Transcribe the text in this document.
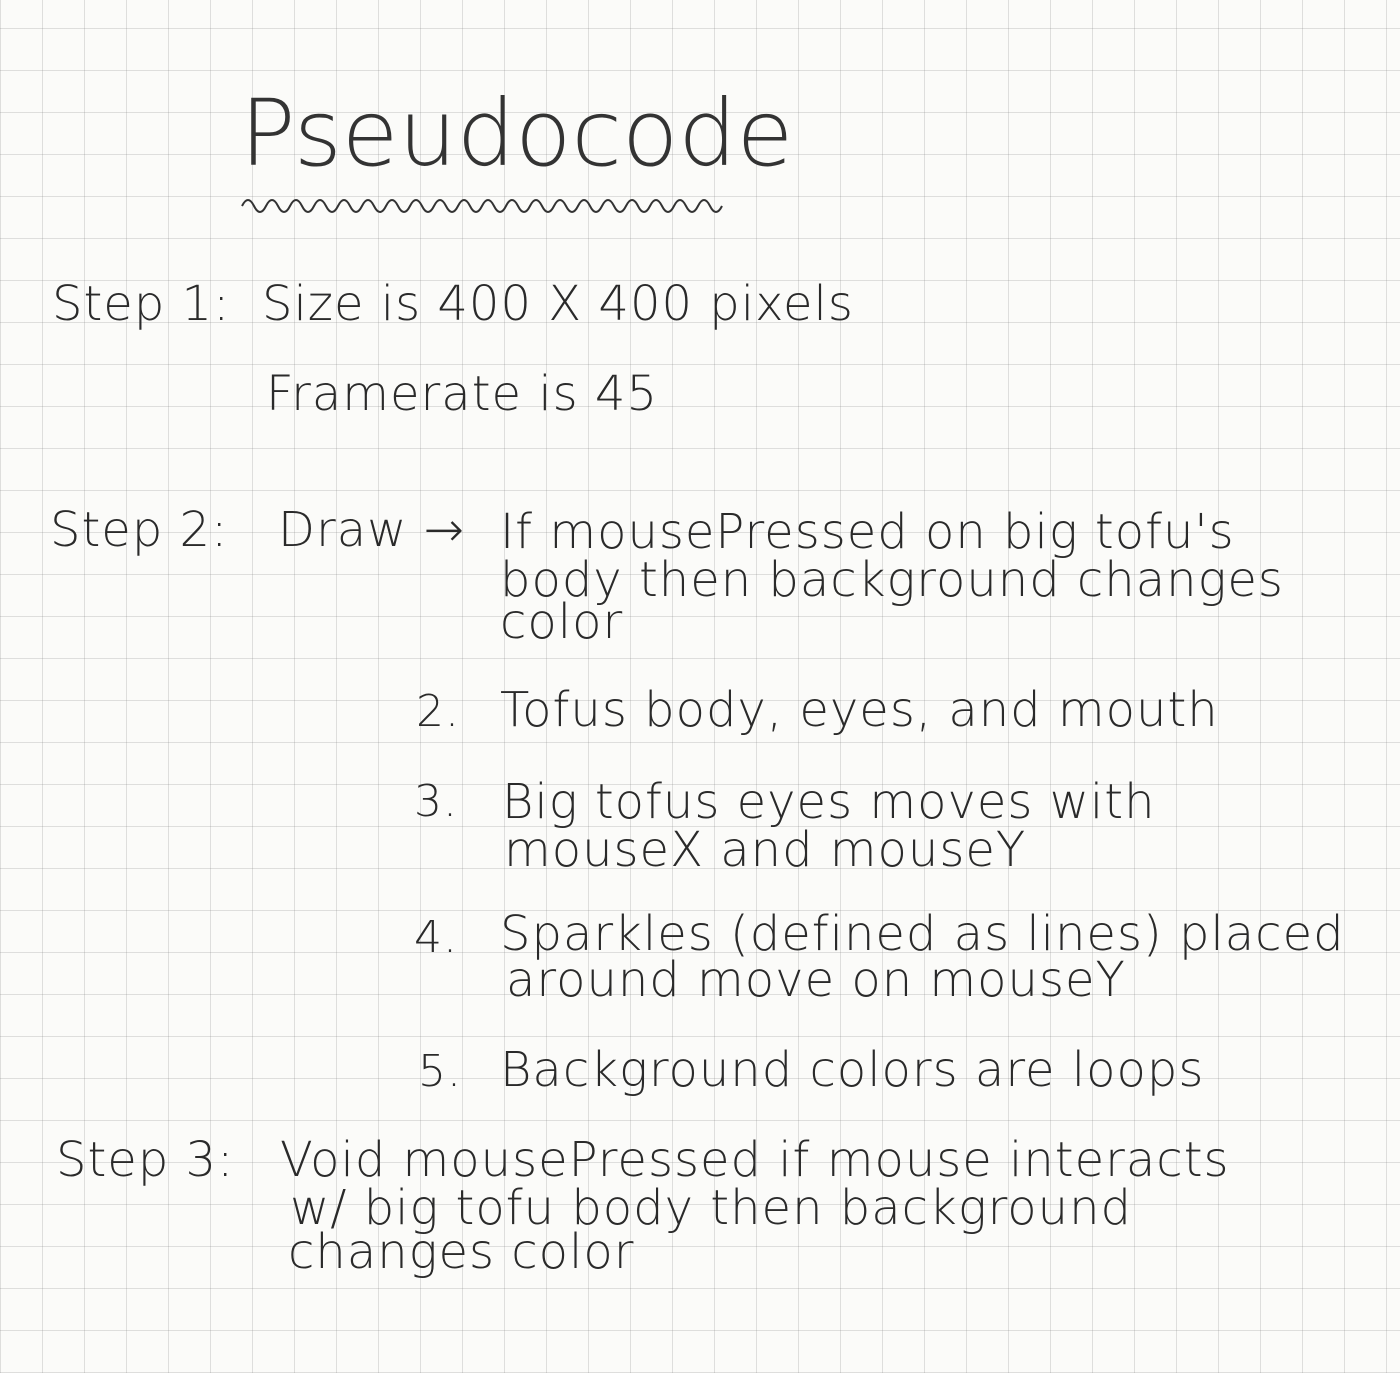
Pseudocode
Step 1: Size is 400 X 400 pixels
Framerate is 45
Step 2: Draw → If mousePressed on big tofu's
body then background changes
color
2. Tofus body, eyes, and mouth
3. Big tofus eyes moves with
mouseX and mouseY
4. Sparkles (defined as lines) placed
around move on mouseY
5. Background colors are loops
Step 3: Void mousePressed if mouse interacts
w/ big tofu body then background
changes color
